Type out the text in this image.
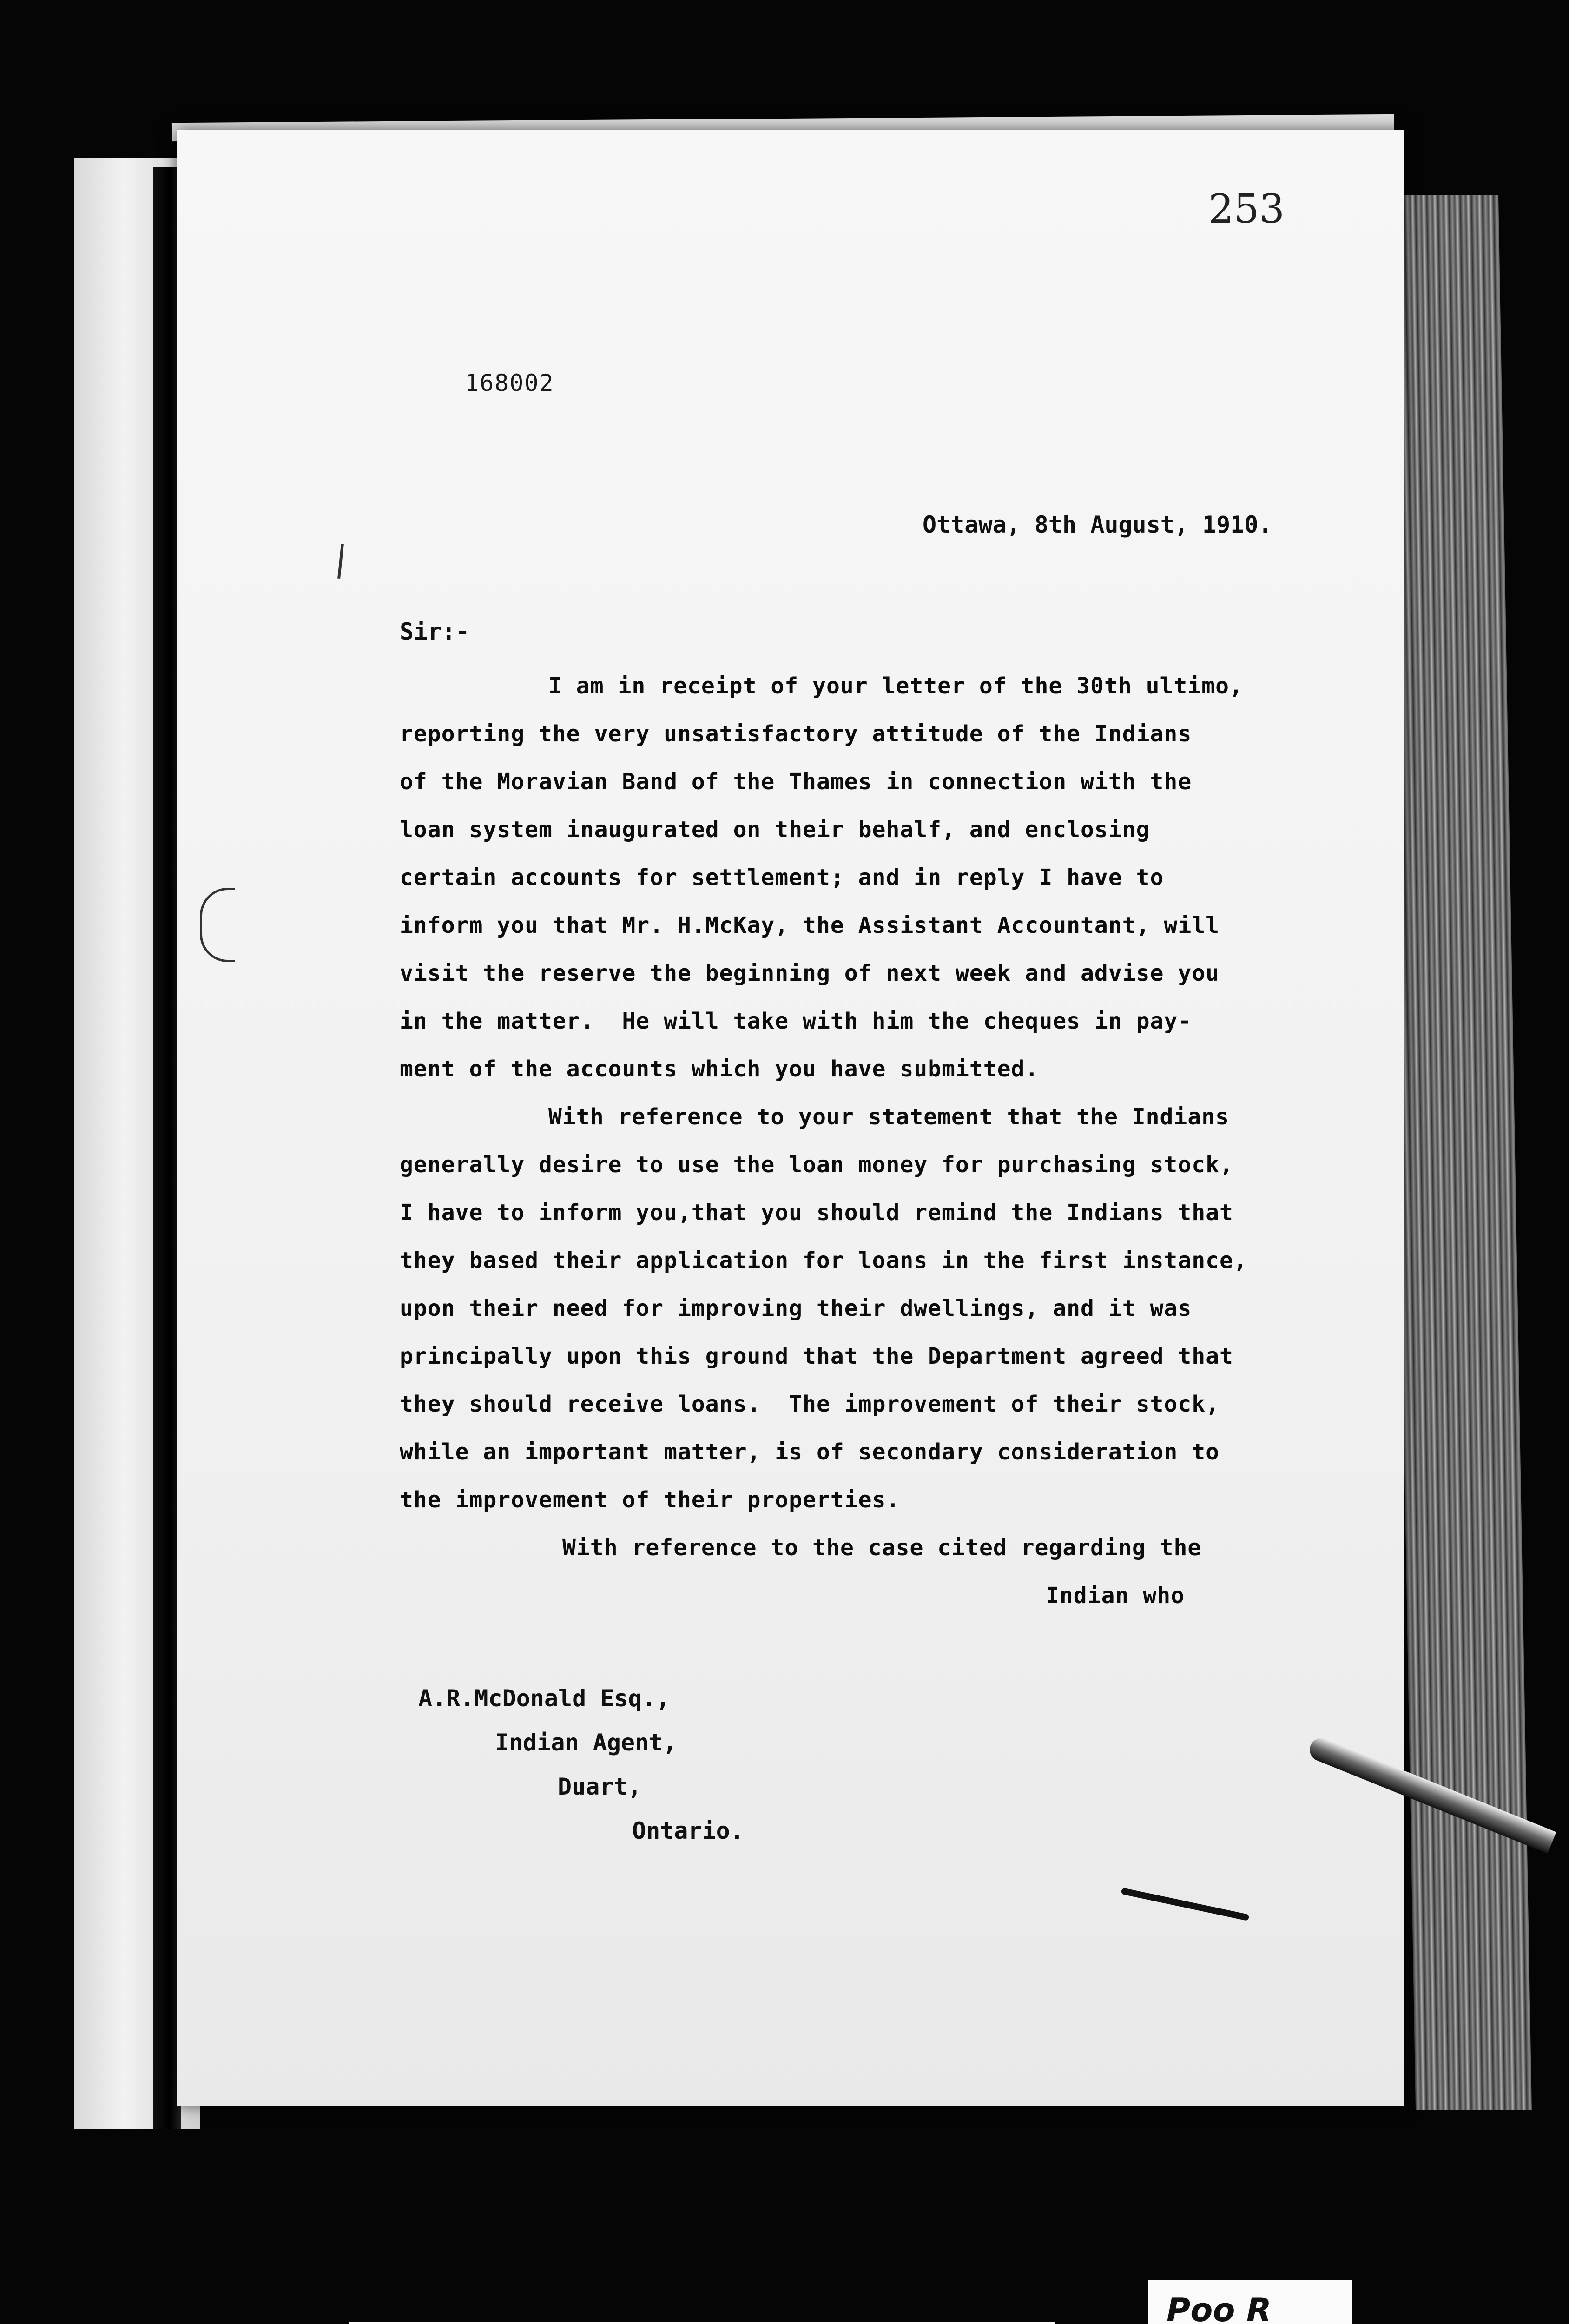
253
168002
Ottawa, 8th August, 1910.
Sir:-
I am in receipt of your letter of the 30th ultimo,
reporting the very unsatisfactory attitude of the Indians
of the Moravian Band of the Thames in connection with the
loan system inaugurated on their behalf, and enclosing
certain accounts for settlement; and in reply I have to
inform you that Mr. H.McKay, the Assistant Accountant, will
visit the reserve the beginning of next week and advise you
in the matter.  He will take with him the cheques in pay-
ment of the accounts which you have submitted.
With reference to your statement that the Indians
generally desire to use the loan money for purchasing stock,
I have to inform you,that you should remind the Indians that
they based their application for loans in the first instance,
upon their need for improving their dwellings, and it was
principally upon this ground that the Department agreed that
they should receive loans.  The improvement of their stock,
while an important matter, is of secondary consideration to
the improvement of their properties.
With reference to the case cited regarding the
Indian who
A.R.McDonald Esq.,
Indian Agent,
Duart,
Ontario.
Poo R
